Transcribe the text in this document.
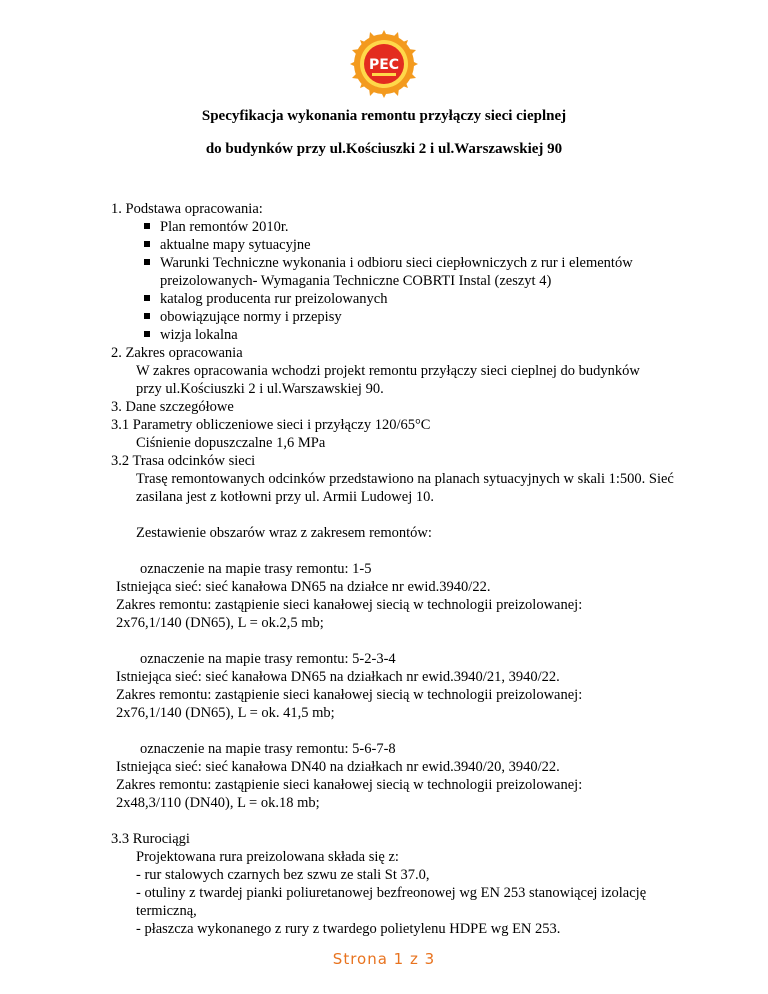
PEC
Specyfikacja wykonania remontu przyłączy sieci cieplnej
do budynków przy ul.Kościuszki 2 i ul.Warszawskiej 90
1. Podstawa opracowania:
Plan remontów 2010r.
aktualne mapy sytuacyjne
Warunki Techniczne wykonania i odbioru sieci ciepłowniczych z rur i elementów
preizolowanych- Wymagania Techniczne COBRTI Instal (zeszyt 4)
katalog producenta rur preizolowanych
obowiązujące normy i przepisy
wizja lokalna
2. Zakres opracowania
W zakres opracowania wchodzi projekt remontu przyłączy sieci cieplnej do budynków
przy ul.Kościuszki 2 i ul.Warszawskiej 90.
3. Dane szczegółowe
3.1 Parametry obliczeniowe sieci i przyłączy 120/65°C
Ciśnienie dopuszczalne 1,6 MPa
3.2 Trasa odcinków sieci
Trasę remontowanych odcinków przedstawiono na planach sytuacyjnych w skali 1:500. Sieć
zasilana jest z kotłowni przy ul. Armii Ludowej 10.
Zestawienie obszarów wraz z zakresem remontów:
oznaczenie na mapie trasy remontu: 1-5
Istniejąca sieć: sieć kanałowa DN65 na działce nr ewid.3940/22.
Zakres remontu: zastąpienie sieci kanałowej siecią w technologii preizolowanej:
2x76,1/140 (DN65), L = ok.2,5 mb;
oznaczenie na mapie trasy remontu: 5-2-3-4
Istniejąca sieć: sieć kanałowa DN65 na działkach nr ewid.3940/21, 3940/22.
Zakres remontu: zastąpienie sieci kanałowej siecią w technologii preizolowanej:
2x76,1/140 (DN65), L = ok. 41,5 mb;
oznaczenie na mapie trasy remontu: 5-6-7-8
Istniejąca sieć: sieć kanałowa DN40 na działkach nr ewid.3940/20, 3940/22.
Zakres remontu: zastąpienie sieci kanałowej siecią w technologii preizolowanej:
2x48,3/110 (DN40), L = ok.18 mb;
3.3 Rurociągi
Projektowana rura preizolowana składa się z:
- rur stalowych czarnych bez szwu ze stali St 37.0,
- otuliny z twardej pianki poliuretanowej bezfreonowej wg EN 253 stanowiącej izolację
termiczną,
- płaszcza wykonanego z rury z twardego polietylenu HDPE wg EN 253.
Strona 1 z 3
